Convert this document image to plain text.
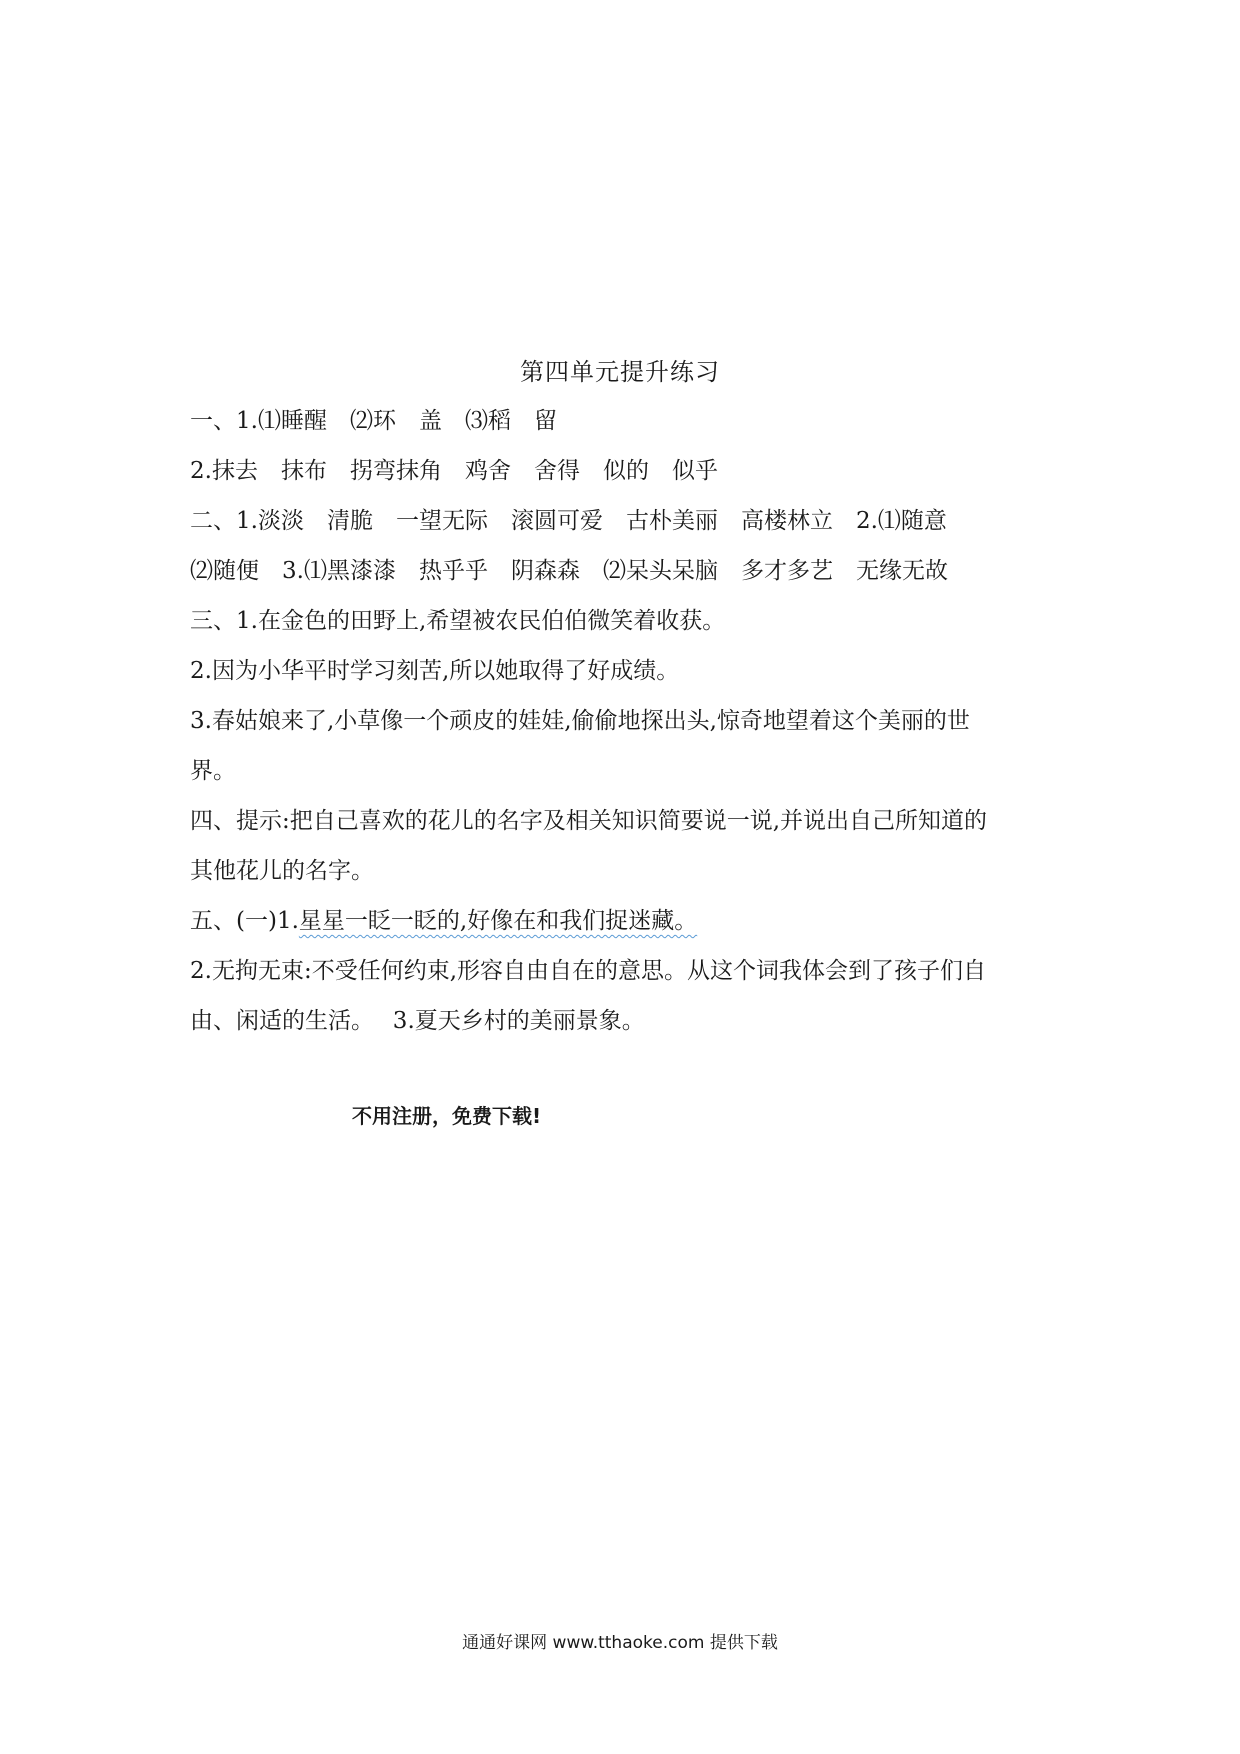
第四单元提升练习
一、1.⑴睡醒　⑵环　盖　⑶稻　留
2.抹去　抹布　拐弯抹角　鸡舍　舍得　似的　似乎
二、1.淡淡　清脆　一望无际　滚圆可爱　古朴美丽　高楼林立　2.⑴随意
⑵随便　3.⑴黑漆漆　热乎乎　阴森森　⑵呆头呆脑　多才多艺　无缘无故
三、1.在金色的田野上,希望被农民伯伯微笑着收获。
2.因为小华平时学习刻苦,所以她取得了好成绩。
3.春姑娘来了,小草像一个顽皮的娃娃,偷偷地探出头,惊奇地望着这个美丽的世
界。
四、提示:把自己喜欢的花儿的名字及相关知识简要说一说,并说出自己所知道的
其他花儿的名字。
五、(一)1.星星一眨一眨的,好像在和我们捉迷藏。
2.无拘无束:不受任何约束,形容自由自在的意思。从这个词我体会到了孩子们自
由、闲适的生活。　 3.夏天乡村的美丽景象。
不用注册，免费下载!
通通好课网 www.tthaoke.com 提供下载
